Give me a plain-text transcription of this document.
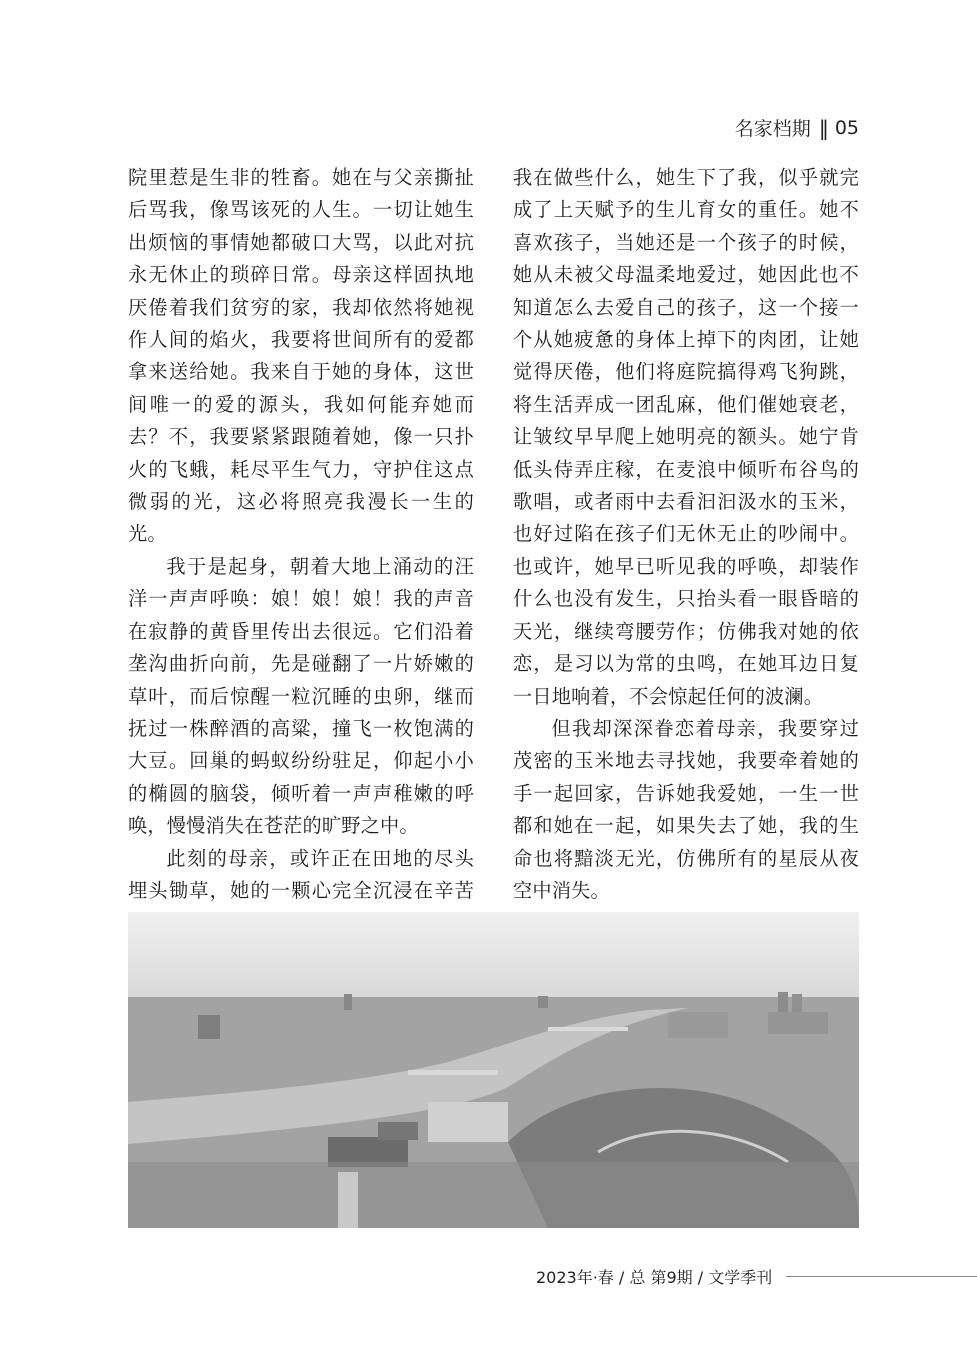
名家档期 ‖ 05

院里惹是生非的牲畜。她在与父亲撕扯后骂我，像骂该死的人生。一切让她生出烦恼的事情她都破口大骂，以此对抗永无休止的琐碎日常。母亲这样固执地厌倦着我们贫穷的家，我却依然将她视作人间的焰火，我要将世间所有的爱都拿来送给她。我来自于她的身体，这世间唯一的爱的源头，我如何能弃她而去？不，我要紧紧跟随着她，像一只扑火的飞蛾，耗尽平生气力，守护住这点微弱的光，这必将照亮我漫长一生的光。

我于是起身，朝着大地上涌动的汪洋一声声呼唤：娘！娘！娘！我的声音在寂静的黄昏里传出去很远。它们沿着垄沟曲折向前，先是碰翻了一片娇嫩的草叶，而后惊醒一粒沉睡的虫卵，继而抚过一株醉酒的高粱，撞飞一枚饱满的大豆。回巢的蚂蚁纷纷驻足，仰起小小的椭圆的脑袋，倾听着一声声稚嫩的呼唤，慢慢消失在苍茫的旷野之中。

此刻的母亲，或许正在田地的尽头埋头锄草，她的一颗心完全沉浸在辛苦

我在做些什么，她生下了我，似乎就完成了上天赋予的生儿育女的重任。她不喜欢孩子，当她还是一个孩子的时候，她从未被父母温柔地爱过，她因此也不知道怎么去爱自己的孩子，这一个接一个从她疲惫的身体上掉下的肉团，让她觉得厌倦，他们将庭院搞得鸡飞狗跳，将生活弄成一团乱麻，他们催她衰老，让皱纹早早爬上她明亮的额头。她宁肯低头侍弄庄稼，在麦浪中倾听布谷鸟的歌唱，或者雨中去看汩汩汲水的玉米，也好过陷在孩子们无休无止的吵闹中。也或许，她早已听见我的呼唤，却装作什么也没有发生，只抬头看一眼昏暗的天光，继续弯腰劳作；仿佛我对她的依恋，是习以为常的虫鸣，在她耳边日复一日地响着，不会惊起任何的波澜。

但我却深深眷恋着母亲，我要穿过茂密的玉米地去寻找她，我要牵着她的手一起回家，告诉她我爱她，一生一世都和她在一起，如果失去了她，我的生命也将黯淡无光，仿佛所有的星辰从夜空中消失。

2023年·春 / 总 第9期 / 文学季刊
